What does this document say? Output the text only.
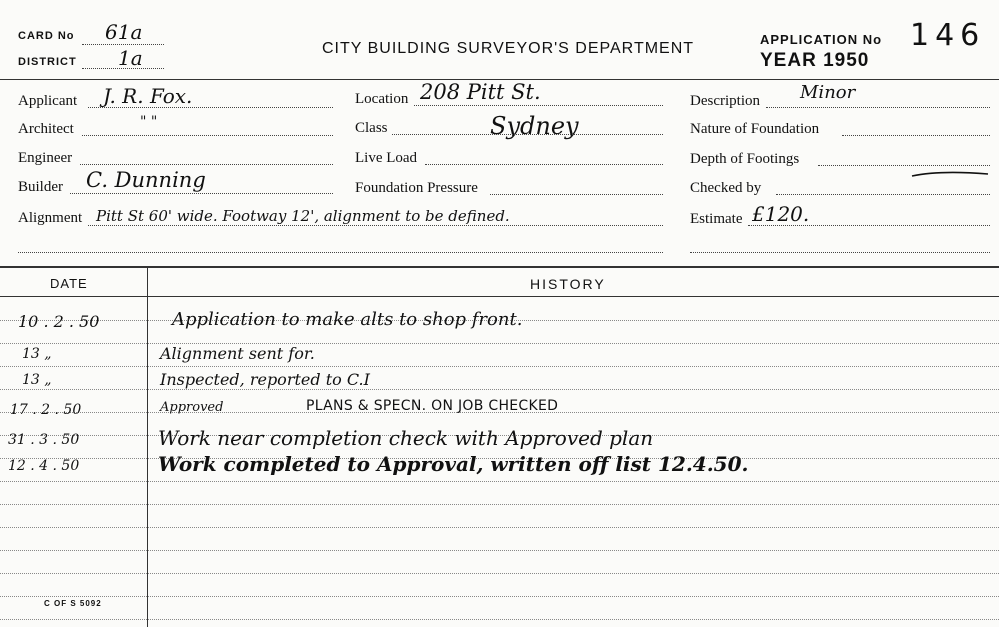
CARD No 61a
DISTRICT 1a	CITY BUILDING SURVEYOR'S DEPARTMENT
APPLICATION No 146
YEAR 1950
Applicant J. R. Fox.
Architect	" "
Engineer
Builder C. Dunning
Alignment Pitt St 60' wide. Footway 12', alignment to be defined.
Location 208 Pitt St.
Class	Sydney
Live Load
Foundation Pressure
Description Minor
Nature of Foundation
Depth of Footings
Checked by
Estimate £120.
DATE	HISTORY
10 . 2 . 50	Application to make alts to shop front.
13 „	Alignment sent for.
13 „	Inspected, reported to C.I
17 . 2 . 50	Approved	PLANS & SPECN. ON JOB CHECKED
31 . 3 . 50	Work near completion check with Approved plan
12 . 4 . 50	Work completed to Approval, written off list 12.4.50.
C OF S 5092
